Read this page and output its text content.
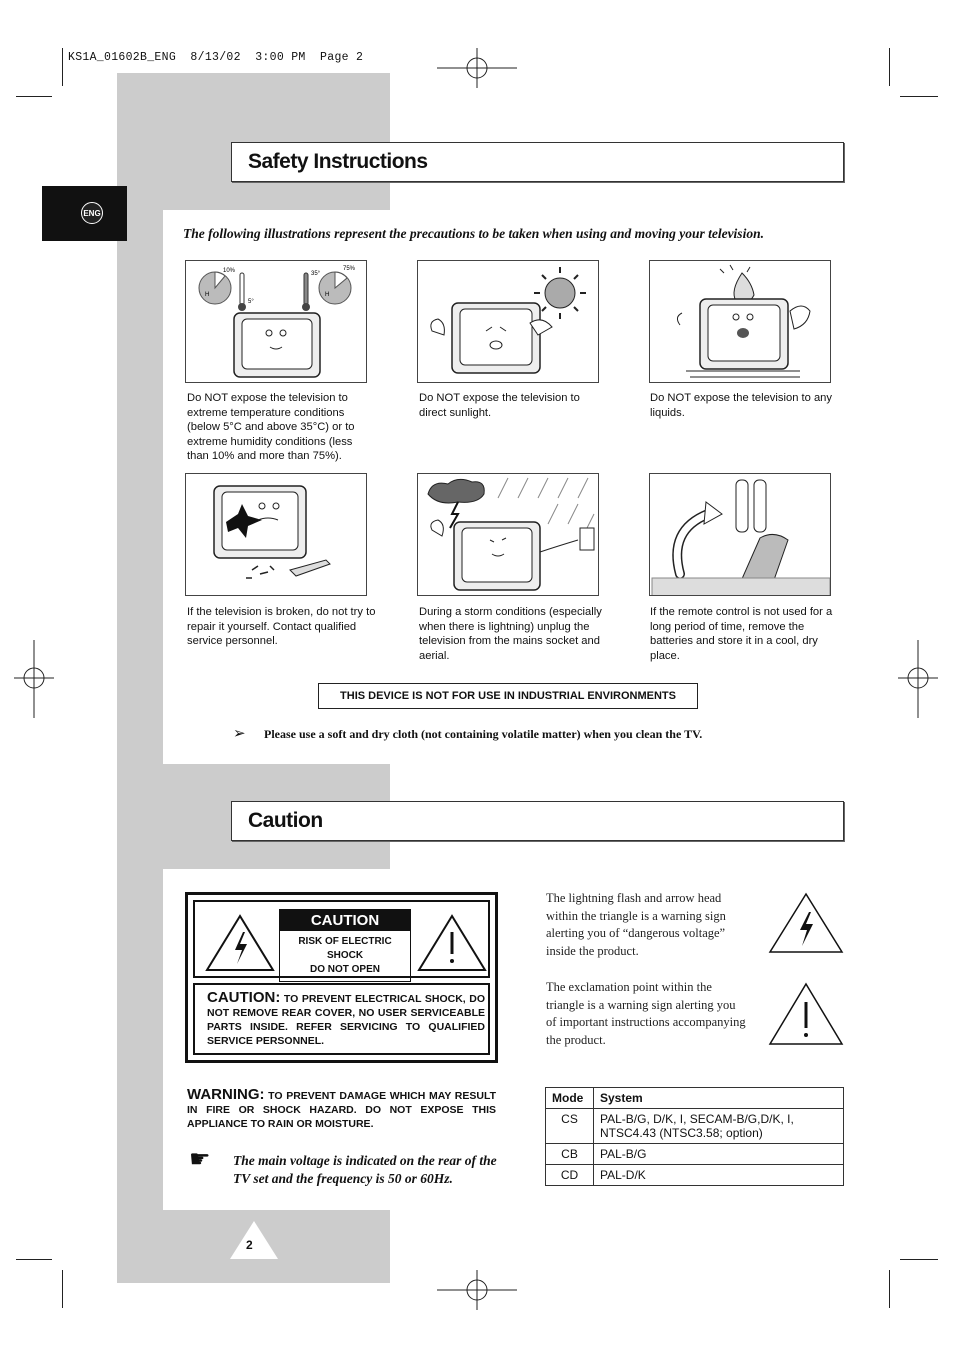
KS1A_01602B_ENG  8/13/02  3:00 PM  Page 2
ENG
Safety Instructions
The following illustrations represent the precautions to be taken when using and moving your television.
10%
H
5°
35°
75%
H
Do NOT expose the television to extreme temperature conditions (below 5°C and above 35°C) or to extreme humidity conditions (less than 10% and more than 75%).
Do NOT expose the television to direct sunlight.
Do NOT expose the television to any liquids.
If the television is broken, do not try to repair it yourself. Contact qualified service personnel.
During a storm conditions (especially when there is lightning) unplug the television from the mains socket and aerial.
If the remote control is not used for a long period of time, remove the batteries and store it in a cool, dry place.
THIS DEVICE IS NOT FOR USE IN INDUSTRIAL ENVIRONMENTS
➢ Please use a soft and dry cloth (not containing volatile matter) when you clean the TV.
Caution
CAUTION
RISK OF ELECTRIC SHOCK
DO NOT OPEN
CAUTION: TO PREVENT ELECTRICAL SHOCK, DO NOT REMOVE REAR COVER, NO USER SERVICEABLE PARTS INSIDE. REFER SERVICING TO QUALIFIED SERVICE PERSONNEL.
WARNING: TO PREVENT DAMAGE WHICH MAY RESULT IN FIRE OR SHOCK HAZARD. DO NOT EXPOSE THIS APPLIANCE TO RAIN OR MOISTURE.
☛ The main voltage is indicated on the rear of the TV set and the frequency is 50 or 60Hz.
The lightning flash and arrow head within the triangle is a warning sign alerting you of “dangerous voltage” inside the product.
The exclamation point within the triangle is a warning sign alerting you of important instructions accompanying the product.
Mode	System
CS	PAL-B/G, D/K, I, SECAM-B/G,D/K, I, NTSC4.43 (NTSC3.58; option)
CB	PAL-B/G
CD	PAL-D/K
2
